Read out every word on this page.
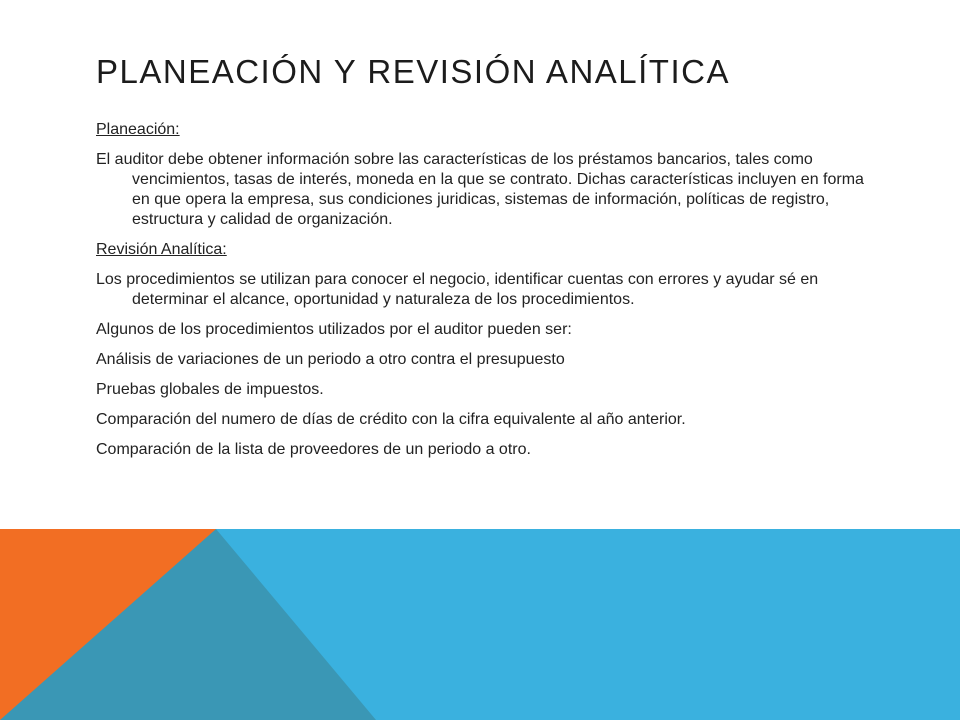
PLANEACIÓN Y REVISIÓN ANALÍTICA

Planeación:

El auditor debe obtener información sobre las características de los préstamos bancarios, tales como vencimientos, tasas de interés, moneda en la que se contrato. Dichas características incluyen en forma en que opera la empresa, sus condiciones juridicas, sistemas de información, políticas de registro, estructura y calidad de organización.

Revisión Analítica:

Los procedimientos se utilizan para conocer el negocio, identificar cuentas con errores y ayudar sé en determinar el alcance, oportunidad y naturaleza de los procedimientos.

Algunos de los procedimientos utilizados por el auditor pueden ser:

Análisis de variaciones de un periodo a otro contra el presupuesto

Pruebas globales de impuestos.

Comparación del numero de días de crédito con la cifra equivalente al año anterior.

Comparación de la lista de proveedores de un periodo a otro.
